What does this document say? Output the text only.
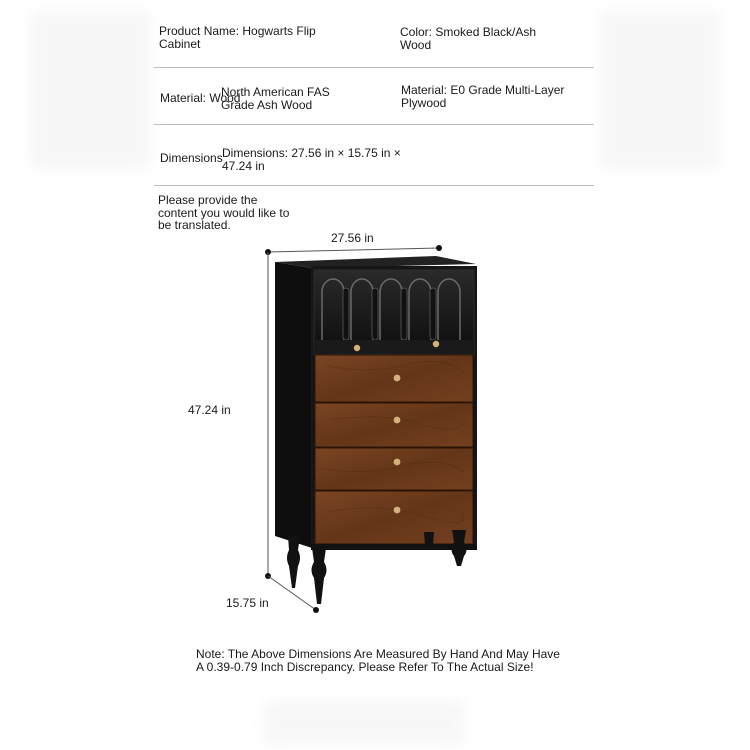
Product Name: Hogwarts Flip Cabinet
Color: Smoked Black/Ash Wood
Material: Wood
North American FAS Grade Ash Wood
Material: E0 Grade Multi-Layer Plywood
Dimensions Dimensions: 27.56 in × 15.75 in × 47.24 in
Please provide the content you would like to be translated.
27.56 in
47.24 in
15.75 in
Note: The Above Dimensions Are Measured By Hand And May Have A 0.39-0.79 Inch Discrepancy. Please Refer To The Actual Size!
